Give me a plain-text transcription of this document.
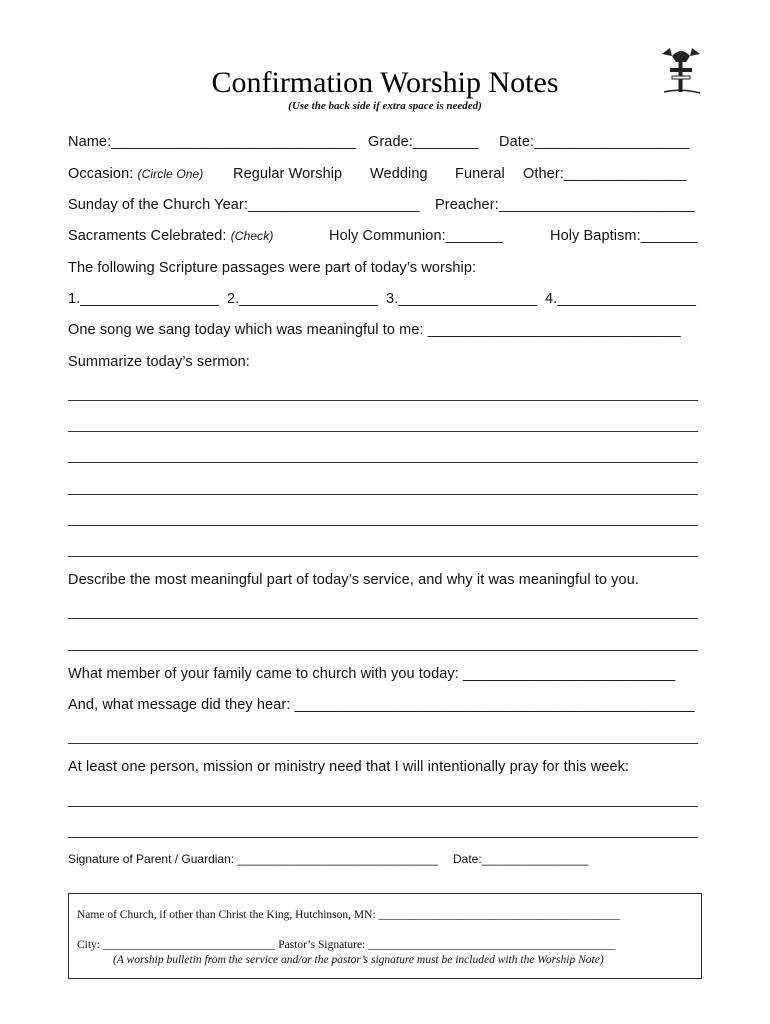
Confirmation Worship Notes
(Use the back side if extra space is needed)
Name:______________________________ Grade:________ Date:___________________
Occasion: (Circle One) Regular Worship Wedding Funeral Other:_______________
Sunday of the Church Year:_____________________ Preacher:________________________
Sacraments Celebrated: (Check)	Holy Communion:_______	Holy Baptism:_______
The following Scripture passages were part of today’s worship:
1._________________ 2._________________ 3._________________ 4._________________
One song we sang today which was meaningful to me: _______________________________
Summarize today’s sermon:
Describe the most meaningful part of today’s service, and why it was meaningful to you.
What member of your family came to church with you today: __________________________
And, what message did they hear: _________________________________________________
At least one person, mission or ministry need that I will intentionally pray for this week:
Signature of Parent / Guardian: ______________________________ Date:________________
Name of Church, if other than Christ the King, Hutchinson, MN: __________________________________________
City: ______________________________ Pastor’s Signature: ___________________________________________
(A worship bulletin from the service and/or the pastor’s signature must be included with the Worship Note)
